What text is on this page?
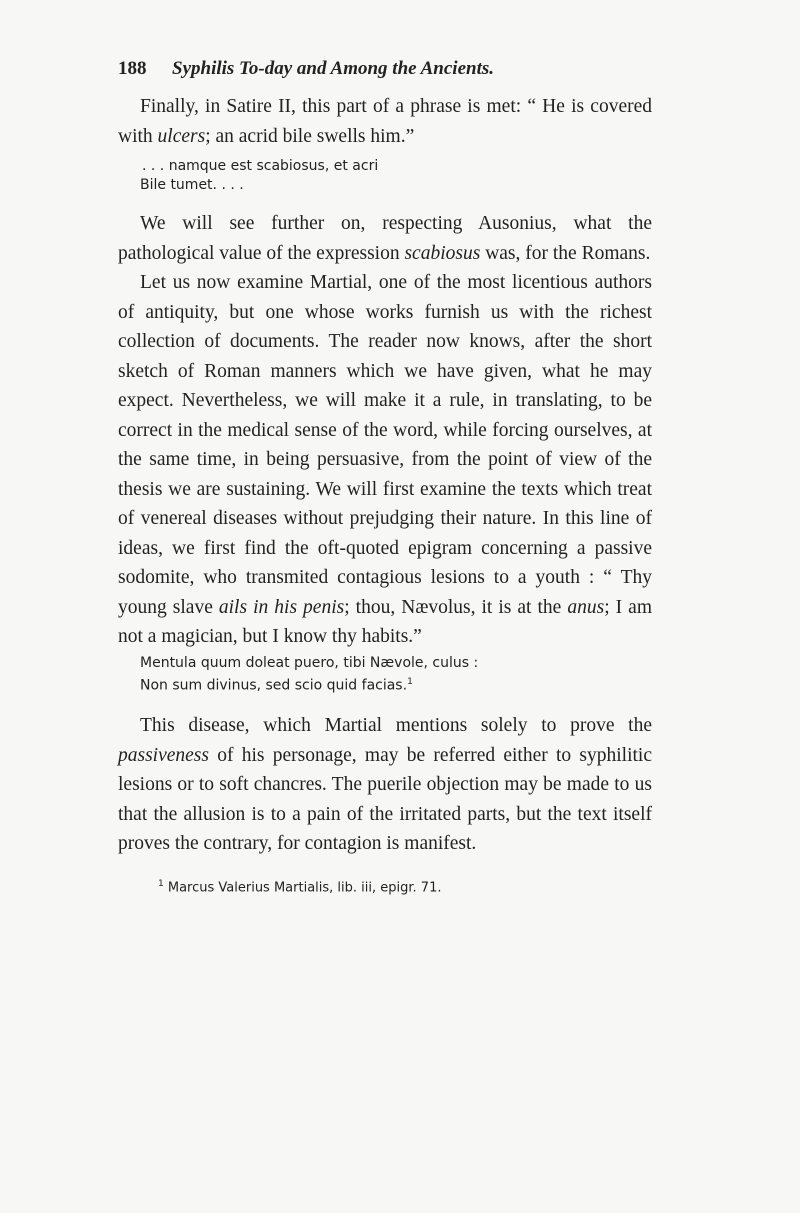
188	Syphilis To-day and Among the Ancients.

Finally, in Satire II, this part of a phrase is met: “ He is covered with ulcers; an acrid bile swells him.”

. . . namque est scabiosus, et acri
Bile tumet. . . .

We will see further on, respecting Ausonius, what the pathological value of the expression scabiosus was, for the Romans.

Let us now examine Martial, one of the most licentious authors of antiquity, but one whose works furnish us with the richest collection of documents. The reader now knows, after the short sketch of Roman manners which we have given, what he may expect. Nevertheless, we will make it a rule, in translating, to be correct in the medical sense of the word, while forcing ourselves, at the same time, in being persuasive, from the point of view of the thesis we are sustaining. We will first examine the texts which treat of venereal diseases without prejudging their nature. In this line of ideas, we first find the oft-quoted epigram concerning a passive sodomite, who transmited contagious lesions to a youth : “ Thy young slave ails in his penis; thou, Nævolus, it is at the anus; I am not a magician, but I know thy habits.”

Mentula quum doleat puero, tibi Nævole, culus :
Non sum divinus, sed scio quid facias.$^1$

This disease, which Martial mentions solely to prove the passiveness of his personage, may be referred either to syphilitic lesions or to soft chancres. The puerile objection may be made to us that the allusion is to a pain of the irritated parts, but the text itself proves the contrary, for contagion is manifest.

$^1$ Marcus Valerius Martialis, lib. iii, epigr. 71.
